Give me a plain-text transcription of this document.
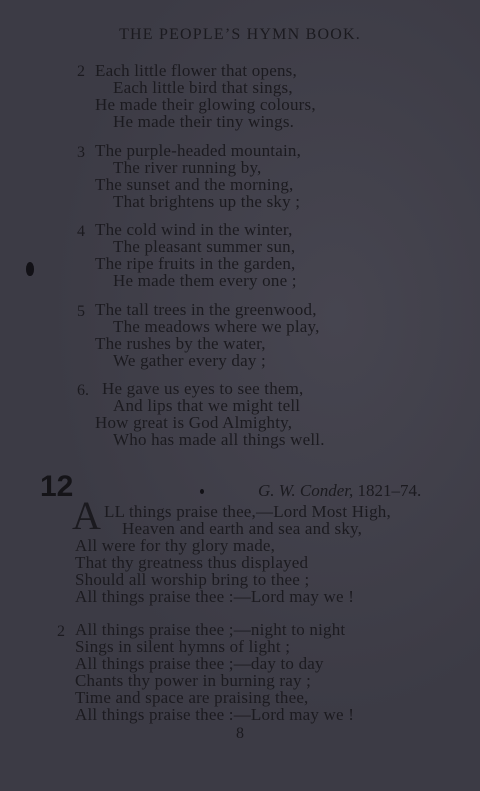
THE PEOPLE’S HYMN BOOK.
2 Each little flower that opens,
Each little bird that sings,
He made their glowing colours,
He made their tiny wings.
3 The purple-headed mountain,
The river running by,
The sunset and the morning,
That brightens up the sky ;
4 The cold wind in the winter,
The pleasant summer sun,
The ripe fruits in the garden,
He made them every one ;
5 The tall trees in the greenwood,
The meadows where we play,
The rushes by the water,
We gather every day ;
6. He gave us eyes to see them,
And lips that we might tell
How great is God Almighty,
Who has made all things well.
12	G. W. Conder, 1821–74.
A LL things praise thee,—Lord Most High,
Heaven and earth and sea and sky,
All were for thy glory made,
That thy greatness thus displayed
Should all worship bring to thee ;
All things praise thee :—Lord may we !
2 All things praise thee ;—night to night
Sings in silent hymns of light ;
All things praise thee ;—day to day
Chants thy power in burning ray ;
Time and space are praising thee,
All things praise thee :—Lord may we !
8
